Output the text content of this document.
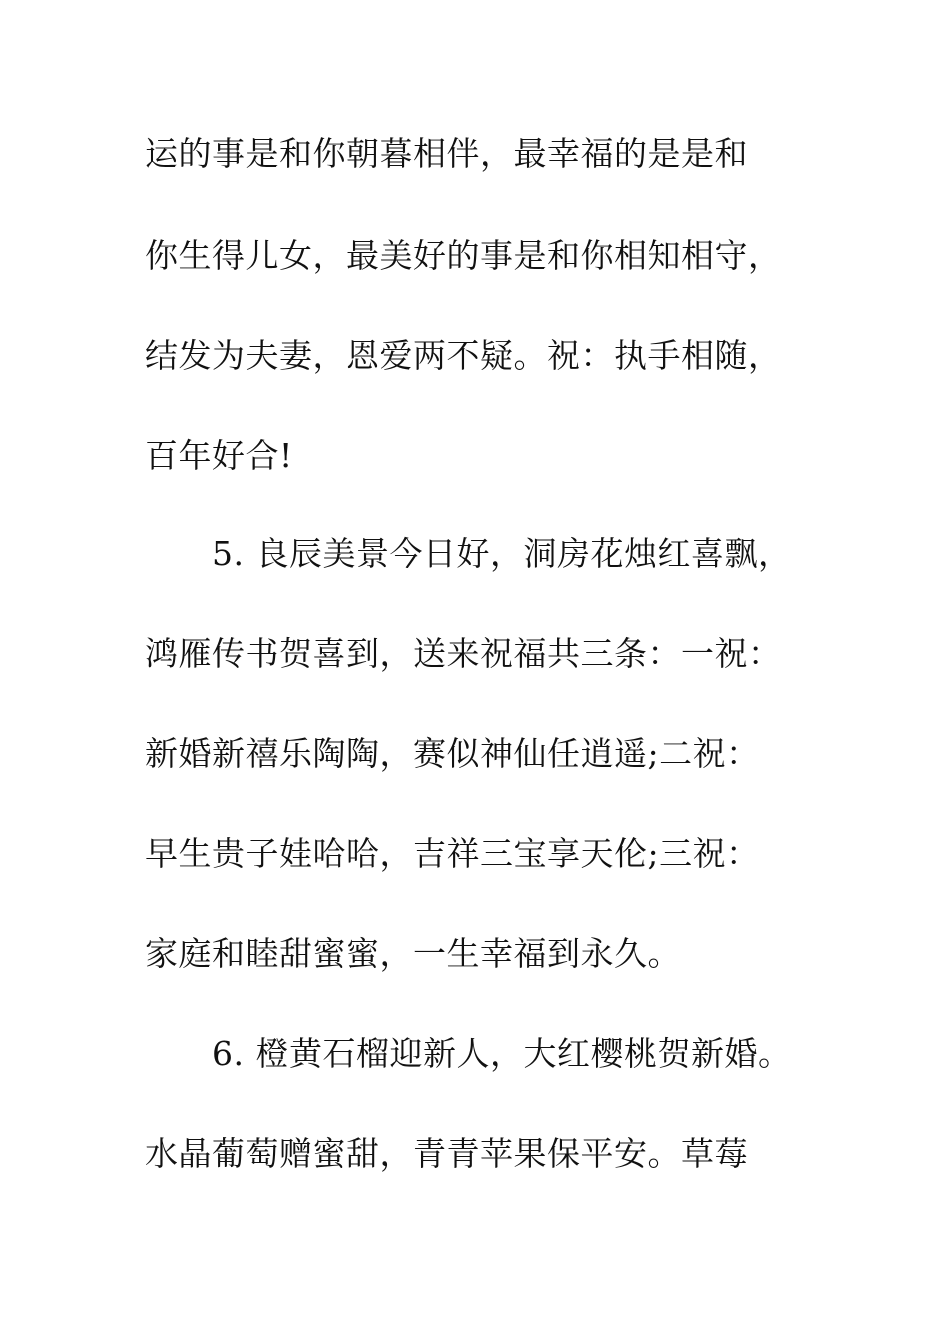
运的事是和你朝暮相伴，最幸福的是是和
你生得儿女，最美好的事是和你相知相守，
结发为夫妻，恩爱两不疑。祝：执手相随，
百年好合!
5. 良辰美景今日好，洞房花烛红喜飘，
鸿雁传书贺喜到，送来祝福共三条：一祝：
新婚新禧乐陶陶，赛似神仙任逍遥;二祝：
早生贵子娃哈哈，吉祥三宝享天伦;三祝：
家庭和睦甜蜜蜜，一生幸福到永久。
6. 橙黄石榴迎新人，大红樱桃贺新婚。
水晶葡萄赠蜜甜，青青苹果保平安。草莓
